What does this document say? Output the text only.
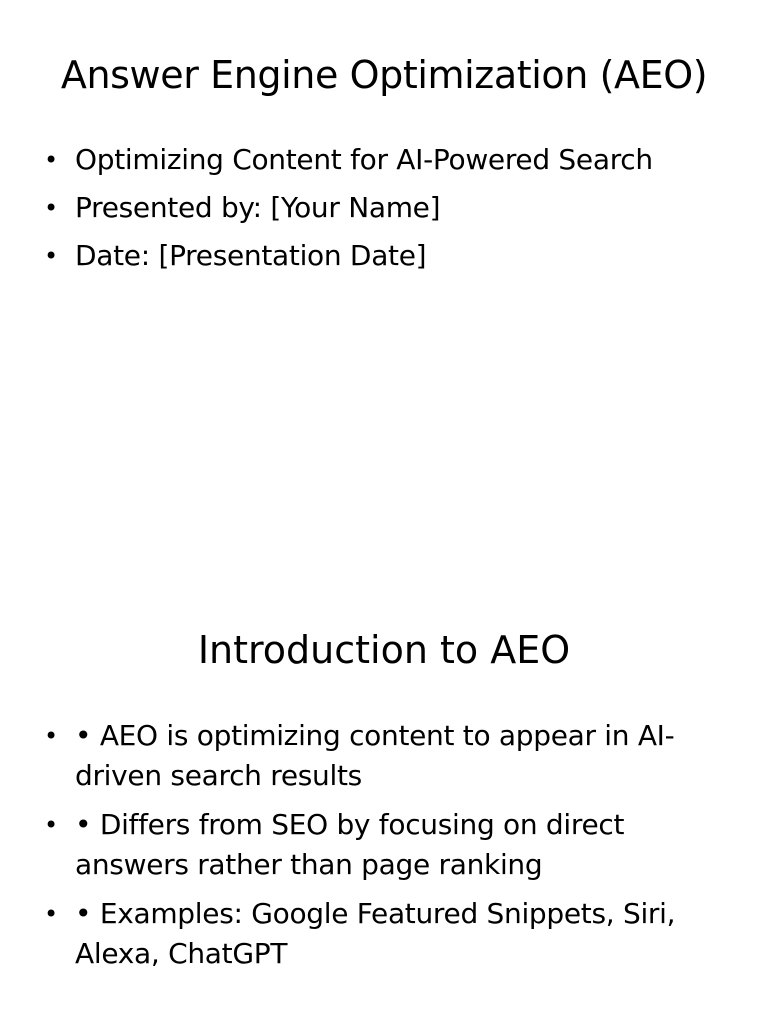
Answer Engine Optimization (AEO)
• Optimizing Content for AI-Powered Search
• Presented by: [Your Name]
• Date: [Presentation Date]
Introduction to AEO
• • AEO is optimizing content to appear in AI-driven search results
• • Differs from SEO by focusing on direct answers rather than page ranking
• • Examples: Google Featured Snippets, Siri, Alexa, ChatGPT
